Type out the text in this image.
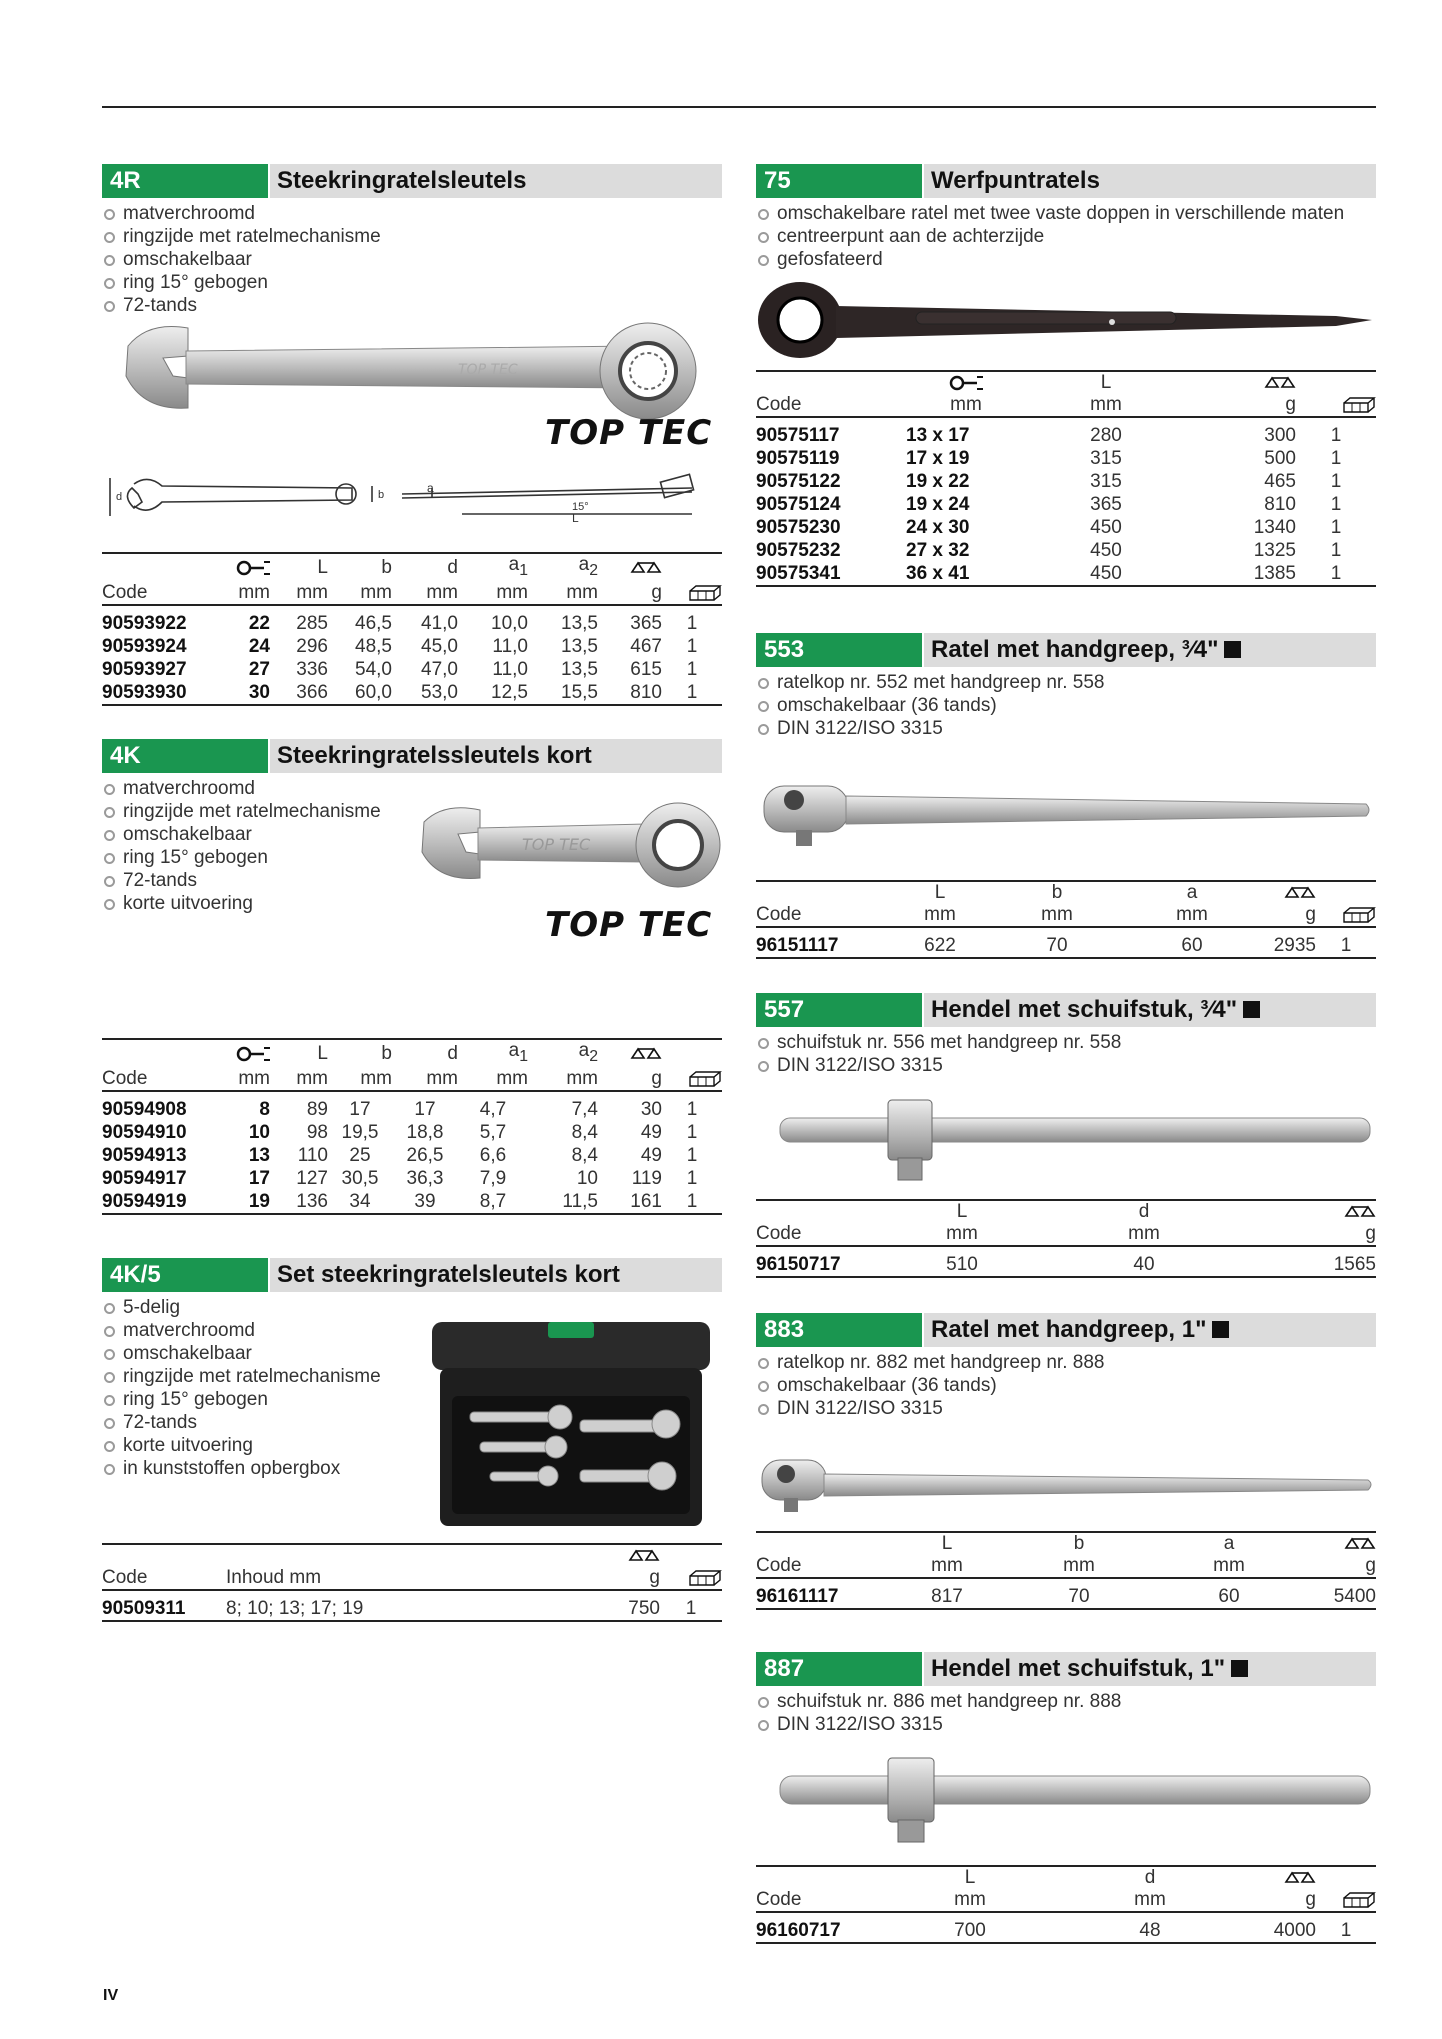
4R	Steekringratelsleutels
matverchroomd
ringzijde met ratelmechanisme
omschakelbaar
ring 15° gebogen
72-tands
TOP TEC
TOP TEC
a
15°
L
d	b
		L	b	d	$a_1$	$a_2$		
Code	mm	mm	mm	mm	mm	mm	g	
90593922	22	285	46,5	41,0	10,0	13,5	365	1
90593924	24	296	48,5	45,0	11,0	13,5	467	1
90593927	27	336	54,0	47,0	11,0	13,5	615	1
90593930	30	366	60,0	53,0	12,5	15,5	810	1
4K	Steekringratelssleutels kort
matverchroomd
ringzijde met ratelmechanisme
omschakelbaar
ring 15° gebogen
72-tands
korte uitvoering
TOP TEC
TOP TEC
		L	b	d	$a_1$	$a_2$		
Code	mm	mm	mm	mm	mm	mm	g	
90594908	8	89	17	17	4,7	7,4	30	1
90594910	10	98	19,5	18,8	5,7	8,4	49	1
90594913	13	110	25	26,5	6,6	8,4	49	1
90594917	17	127	30,5	36,3	7,9	10	119	1
90594919	19	136	34	39	8,7	11,5	161	1
4K/5	Set steekringratelsleutels kort
5-delig
matverchroomd
omschakelbaar
ringzijde met ratelmechanisme
ring 15° gebogen
72-tands
korte uitvoering
in kunststoffen opbergbox

Code	Inhoud mm	g	
90509311	8; 10; 13; 17; 19	750	1
75	Werfpuntratels
omschakelbare ratel met twee vaste doppen in verschillende maten
centreerpunt aan de achterzijde
gefosfateerd
		L		
Code	mm	mm	g	
90575117	13 x 17	280	300	1
90575119	17 x 19	315	500	1
90575122	19 x 22	315	465	1
90575124	19 x 24	365	810	1
90575230	24 x 30	450	1340	1
90575232	27 x 32	450	1325	1
90575341	36 x 41	450	1385	1
553	Ratel met handgreep, ³⁄4"
ratelkop nr. 552 met handgreep nr. 558
omschakelbaar (36 tands)
DIN 3122/ISO 3315
	L	b	a		
Code	mm	mm	mm	g	
96151117	622	70	60	2935	1
557	Hendel met schuifstuk, ³⁄4"
schuifstuk nr. 556 met handgreep nr. 558
DIN 3122/ISO 3315
	L	d	
Code	mm	mm	g
96150717	510	40	1565
883	Ratel met handgreep, 1"
ratelkop nr. 882 met handgreep nr. 888
omschakelbaar (36 tands)
DIN 3122/ISO 3315
	L	b	a	
Code	mm	mm	mm	g
96161117	817	70	60	5400
887	Hendel met schuifstuk, 1"
schuifstuk nr. 886 met handgreep nr. 888
DIN 3122/ISO 3315
	L	d		
Code	mm	mm	g	
96160717	700	48	4000	1
IV
